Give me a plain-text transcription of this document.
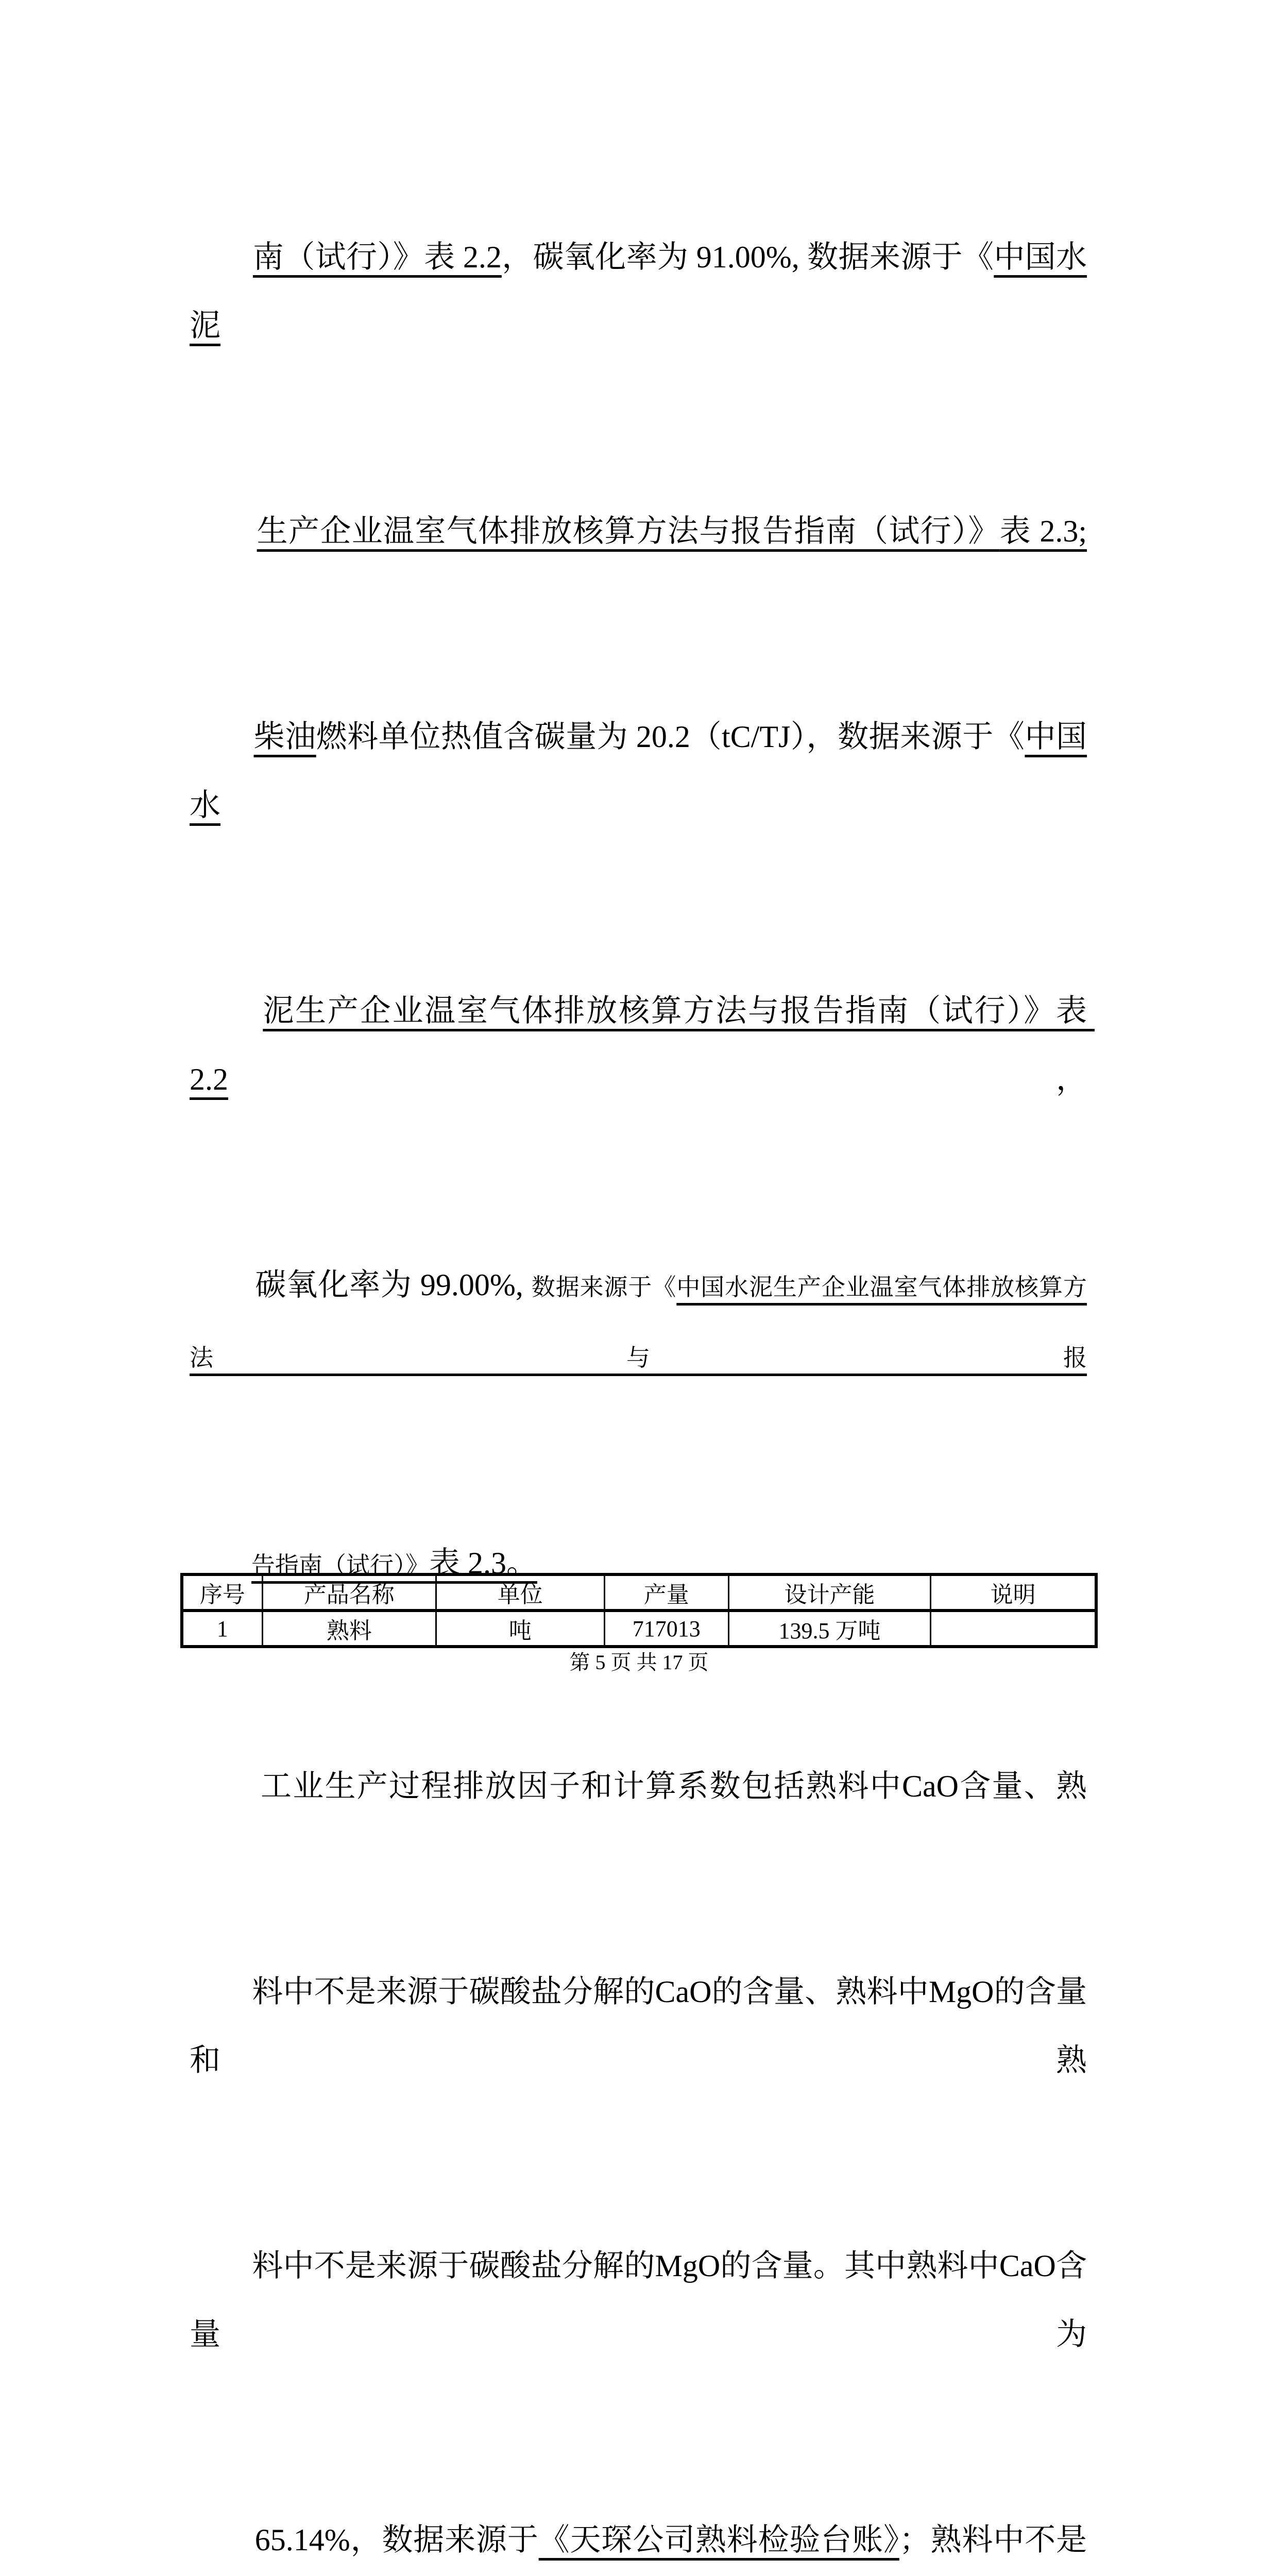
南（试行）》表 2.2，碳氧化率为 91.00%, 数据来源于《中国水泥

生产企业温室气体排放核算方法与报告指南（试行）》表 2.3;

柴油燃料单位热值含碳量为 20.2（tC/TJ），数据来源于《中国水

泥生产企业温室气体排放核算方法与报告指南（试行）》表 2.2，

碳氧化率为 99.00%, 数据来源于《中国水泥生产企业温室气体排放核算方法与报

告指南（试行）》表 2.3。

工业生产过程排放因子和计算系数包括熟料中CaO含量、熟

料中不是来源于碳酸盐分解的CaO的含量、熟料中MgO的含量和熟

料中不是来源于碳酸盐分解的MgO的含量。其中熟料中CaO含量为

65.14%，数据来源于《天琛公司熟料检验台账》；熟料中不是

序号	产品名称	单位	产量	设计产能	说明
1	熟料	吨	717013	139.5 万吨	
第 5 页 共 17 页
